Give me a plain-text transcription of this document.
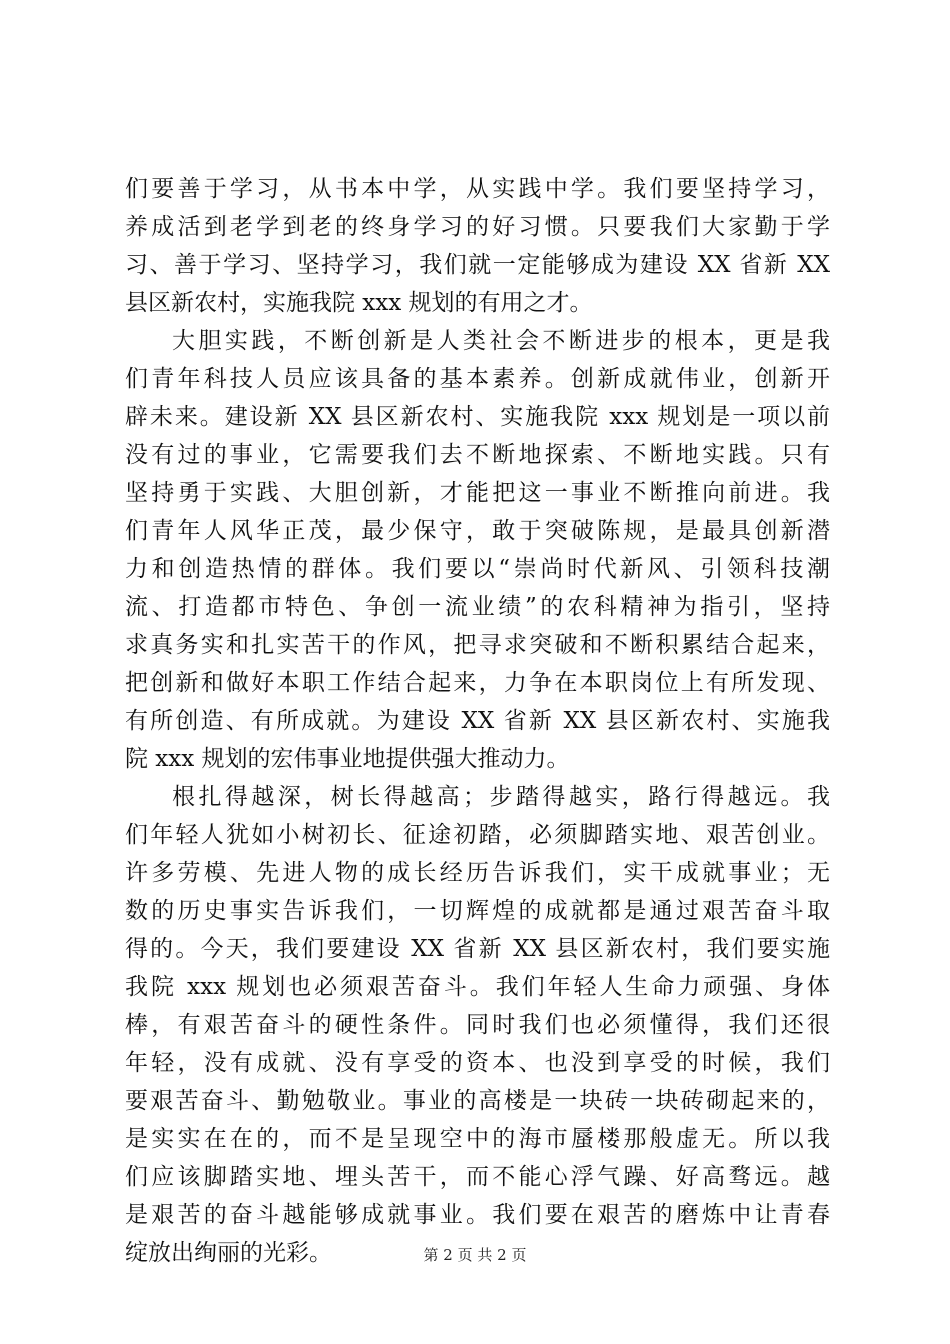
们要善于学习，从书本中学，从实践中学。我们要坚持学习，
养成活到老学到老的终身学习的好习惯。只要我们大家勤于学
习、善于学习、坚持学习，我们就一定能够成为建设 XX 省新 XX
县区新农村，实施我院 xxx 规划的有用之才。
大胆实践，不断创新是人类社会不断进步的根本，更是我
们青年科技人员应该具备的基本素养。创新成就伟业，创新开
辟未来。建设新 XX 县区新农村、实施我院 xxx 规划是一项以前
没有过的事业，它需要我们去不断地探索、不断地实践。只有
坚持勇于实践、大胆创新，才能把这一事业不断推向前进。我
们青年人风华正茂，最少保守，敢于突破陈规，是最具创新潜
力和创造热情的群体。我们要以“崇尚时代新风、引领科技潮
流、打造都市特色、争创一流业绩”的农科精神为指引，坚持
求真务实和扎实苦干的作风，把寻求突破和不断积累结合起来，
把创新和做好本职工作结合起来，力争在本职岗位上有所发现、
有所创造、有所成就。为建设 XX 省新 XX 县区新农村、实施我
院 xxx 规划的宏伟事业地提供强大推动力。
根扎得越深，树长得越高；步踏得越实，路行得越远。我
们年轻人犹如小树初长、征途初踏，必须脚踏实地、艰苦创业。
许多劳模、先进人物的成长经历告诉我们，实干成就事业；无
数的历史事实告诉我们，一切辉煌的成就都是通过艰苦奋斗取
得的。今天，我们要建设 XX 省新 XX 县区新农村，我们要实施
我院 xxx 规划也必须艰苦奋斗。我们年轻人生命力顽强、身体
棒，有艰苦奋斗的硬性条件。同时我们也必须懂得，我们还很
年轻，没有成就、没有享受的资本、也没到享受的时候，我们
要艰苦奋斗、勤勉敬业。事业的高楼是一块砖一块砖砌起来的，
是实实在在的，而不是呈现空中的海市蜃楼那般虚无。所以我
们应该脚踏实地、埋头苦干，而不能心浮气躁、好高骛远。越
是艰苦的奋斗越能够成就事业。我们要在艰苦的磨炼中让青春
绽放出绚丽的光彩。	第 2 页 共 2 页
